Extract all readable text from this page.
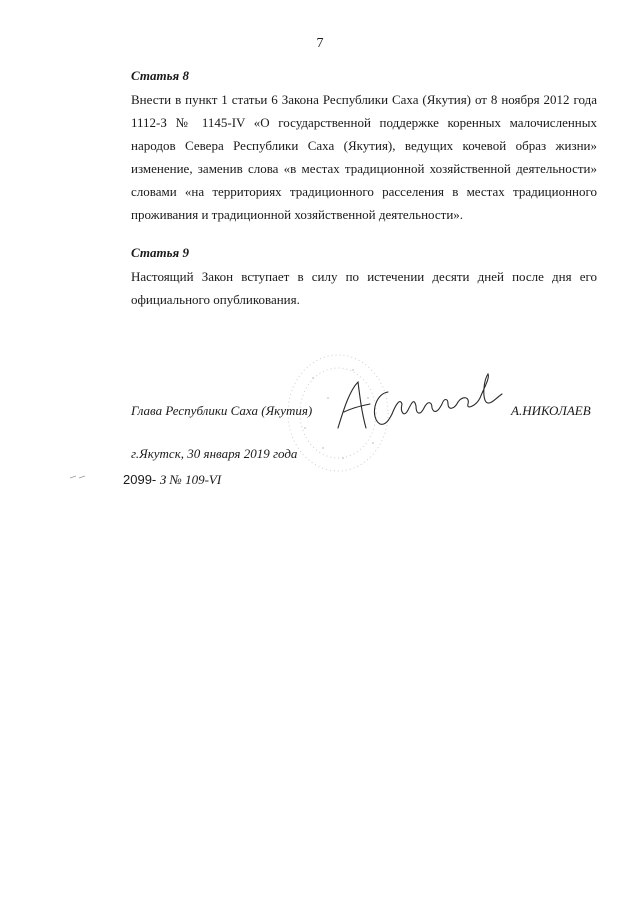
7
Статья 8
Внести в пункт 1 статьи 6 Закона Республики Саха (Якутия) от 8 ноября 2012 года 1112-З № 1145-IV «О государственной поддержке коренных малочисленных народов Севера Республики Саха (Якутия), ведущих кочевой образ жизни» изменение, заменив слова «в местах традиционной хозяйственной деятельности» словами «на территориях традиционного расселения в местах традиционного проживания и традиционной хозяйственной деятельности».
Статья 9
Настоящий Закон вступает в силу по истечении десяти дней после дня его официального опубликования.
Глава Республики Саха (Якутия)	А.НИКОЛАЕВ
г.Якутск, 30 января 2019 года
2099- З № 109-VI
